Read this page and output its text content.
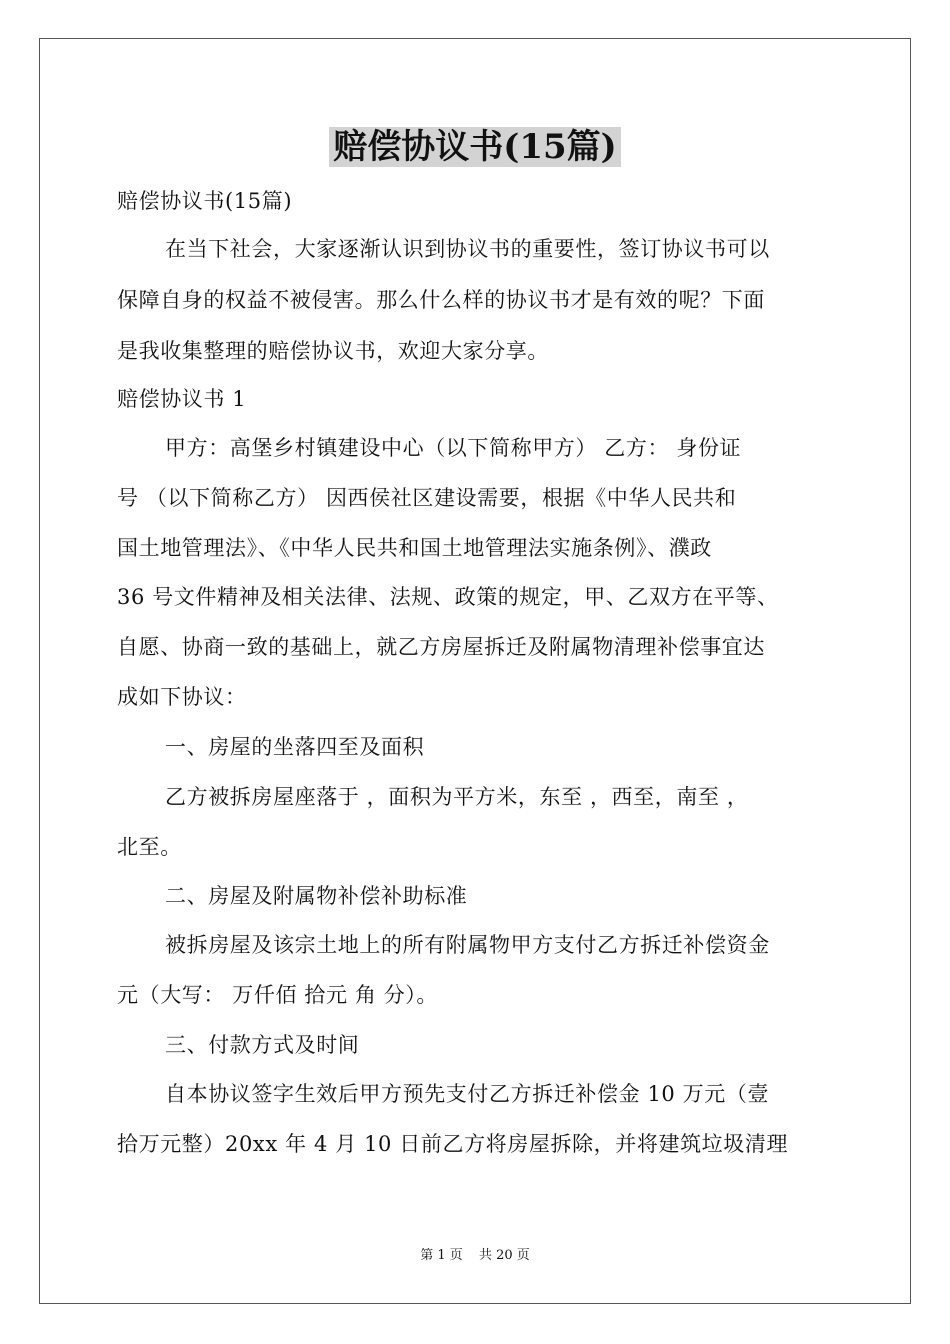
赔偿协议书(15篇)
赔偿协议书(15篇)
在当下社会，大家逐渐认识到协议书的重要性，签订协议书可以
保障自身的权益不被侵害。那么什么样的协议书才是有效的呢？下面
是我收集整理的赔偿协议书，欢迎大家分享。
赔偿协议书 1
甲方：高堡乡村镇建设中心（以下简称甲方） 乙方： 身份证
号 （以下简称乙方） 因西侯社区建设需要，根据《中华人民共和
国土地管理法》、《中华人民共和国土地管理法实施条例》、濮政
36 号文件精神及相关法律、法规、政策的规定，甲、乙双方在平等、
自愿、协商一致的基础上，就乙方房屋拆迁及附属物清理补偿事宜达
成如下协议：
一、房屋的坐落四至及面积
乙方被拆房屋座落于 ，面积为平方米，东至 ，西至，南至 ，
北至。
二、房屋及附属物补偿补助标准
被拆房屋及该宗土地上的所有附属物甲方支付乙方拆迁补偿资金
元（大写： 万仟佰 拾元 角 分）。
三、付款方式及时间
自本协议签字生效后甲方预先支付乙方拆迁补偿金 10 万元（壹
拾万元整）20xx 年 4 月 10 日前乙方将房屋拆除，并将建筑垃圾清理
第 1 页 共 20 页
